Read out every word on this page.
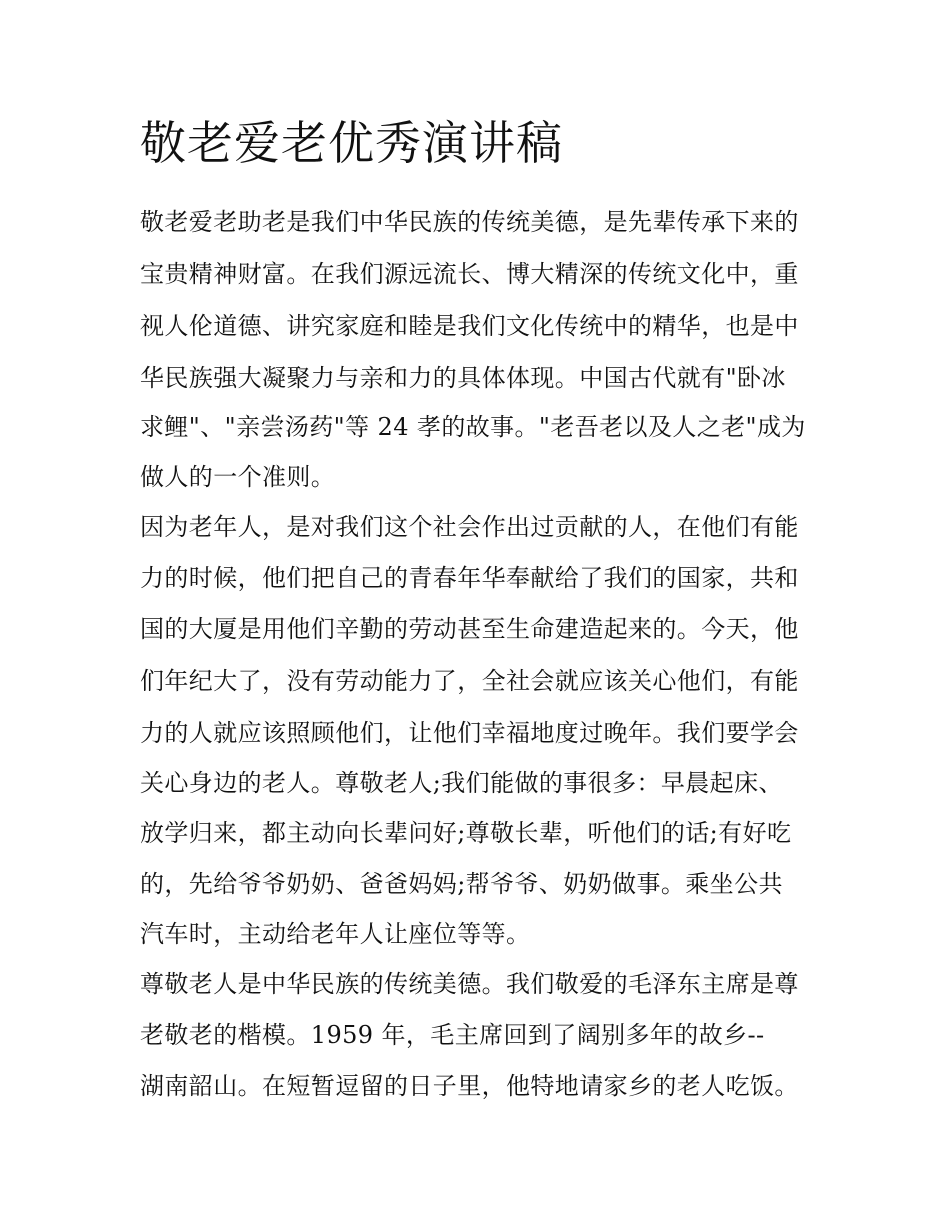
敬老爱老优秀演讲稿
敬老爱老助老是我们中华民族的传统美德，是先辈传承下来的
宝贵精神财富。在我们源远流长、博大精深的传统文化中，重
视人伦道德、讲究家庭和睦是我们文化传统中的精华，也是中
华民族强大凝聚力与亲和力的具体体现。中国古代就有"卧冰
求鲤"、"亲尝汤药"等 24 孝的故事。"老吾老以及人之老"成为
做人的一个准则。
因为老年人，是对我们这个社会作出过贡献的人，在他们有能
力的时候，他们把自己的青春年华奉献给了我们的国家，共和
国的大厦是用他们辛勤的劳动甚至生命建造起来的。今天，他
们年纪大了，没有劳动能力了，全社会就应该关心他们，有能
力的人就应该照顾他们，让他们幸福地度过晚年。我们要学会
关心身边的老人。尊敬老人;我们能做的事很多：早晨起床、
放学归来，都主动向长辈问好;尊敬长辈，听他们的话;有好吃
的，先给爷爷奶奶、爸爸妈妈;帮爷爷、奶奶做事。乘坐公共
汽车时，主动给老年人让座位等等。
尊敬老人是中华民族的传统美德。我们敬爱的毛泽东主席是尊
老敬老的楷模。1959 年，毛主席回到了阔别多年的故乡--
湖南韶山。在短暂逗留的日子里，他特地请家乡的老人吃饭。
